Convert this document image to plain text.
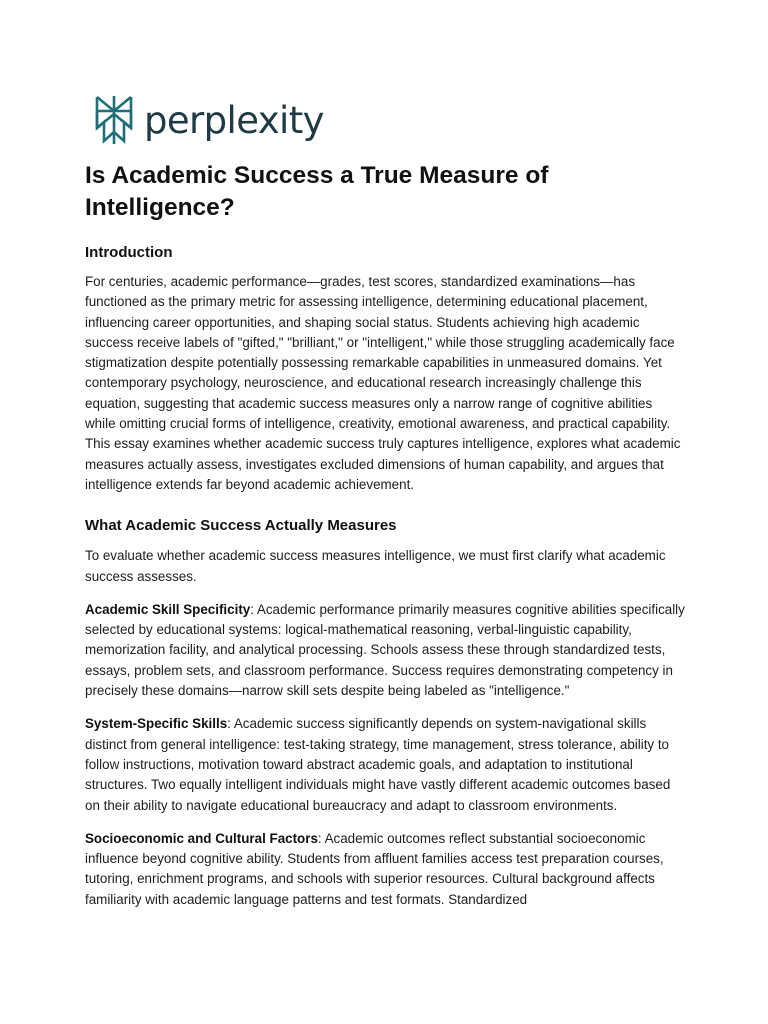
perplexity
Is Academic Success a True Measure of Intelligence?
Introduction

For centuries, academic performance—grades, test scores, standardized examinations—has functioned as the primary metric for assessing intelligence, determining educational placement, influencing career opportunities, and shaping social status. Students achieving high academic success receive labels of "gifted," "brilliant," or "intelligent," while those struggling academically face stigmatization despite potentially possessing remarkable capabilities in unmeasured domains. Yet contemporary psychology, neuroscience, and educational research increasingly challenge this equation, suggesting that academic success measures only a narrow range of cognitive abilities while omitting crucial forms of intelligence, creativity, emotional awareness, and practical capability. This essay examines whether academic success truly captures intelligence, explores what academic measures actually assess, investigates excluded dimensions of human capability, and argues that intelligence extends far beyond academic achievement.

What Academic Success Actually Measures

To evaluate whether academic success measures intelligence, we must first clarify what academic success assesses.

Academic Skill Specificity: Academic performance primarily measures cognitive abilities specifically selected by educational systems: logical-mathematical reasoning, verbal-linguistic capability, memorization facility, and analytical processing. Schools assess these through standardized tests, essays, problem sets, and classroom performance. Success requires demonstrating competency in precisely these domains—narrow skill sets despite being labeled as "intelligence."

System-Specific Skills: Academic success significantly depends on system-navigational skills distinct from general intelligence: test-taking strategy, time management, stress tolerance, ability to follow instructions, motivation toward abstract academic goals, and adaptation to institutional structures. Two equally intelligent individuals might have vastly different academic outcomes based on their ability to navigate educational bureaucracy and adapt to classroom environments.

Socioeconomic and Cultural Factors: Academic outcomes reflect substantial socioeconomic influence beyond cognitive ability. Students from affluent families access test preparation courses, tutoring, enrichment programs, and schools with superior resources. Cultural background affects familiarity with academic language patterns and test formats. Standardized
